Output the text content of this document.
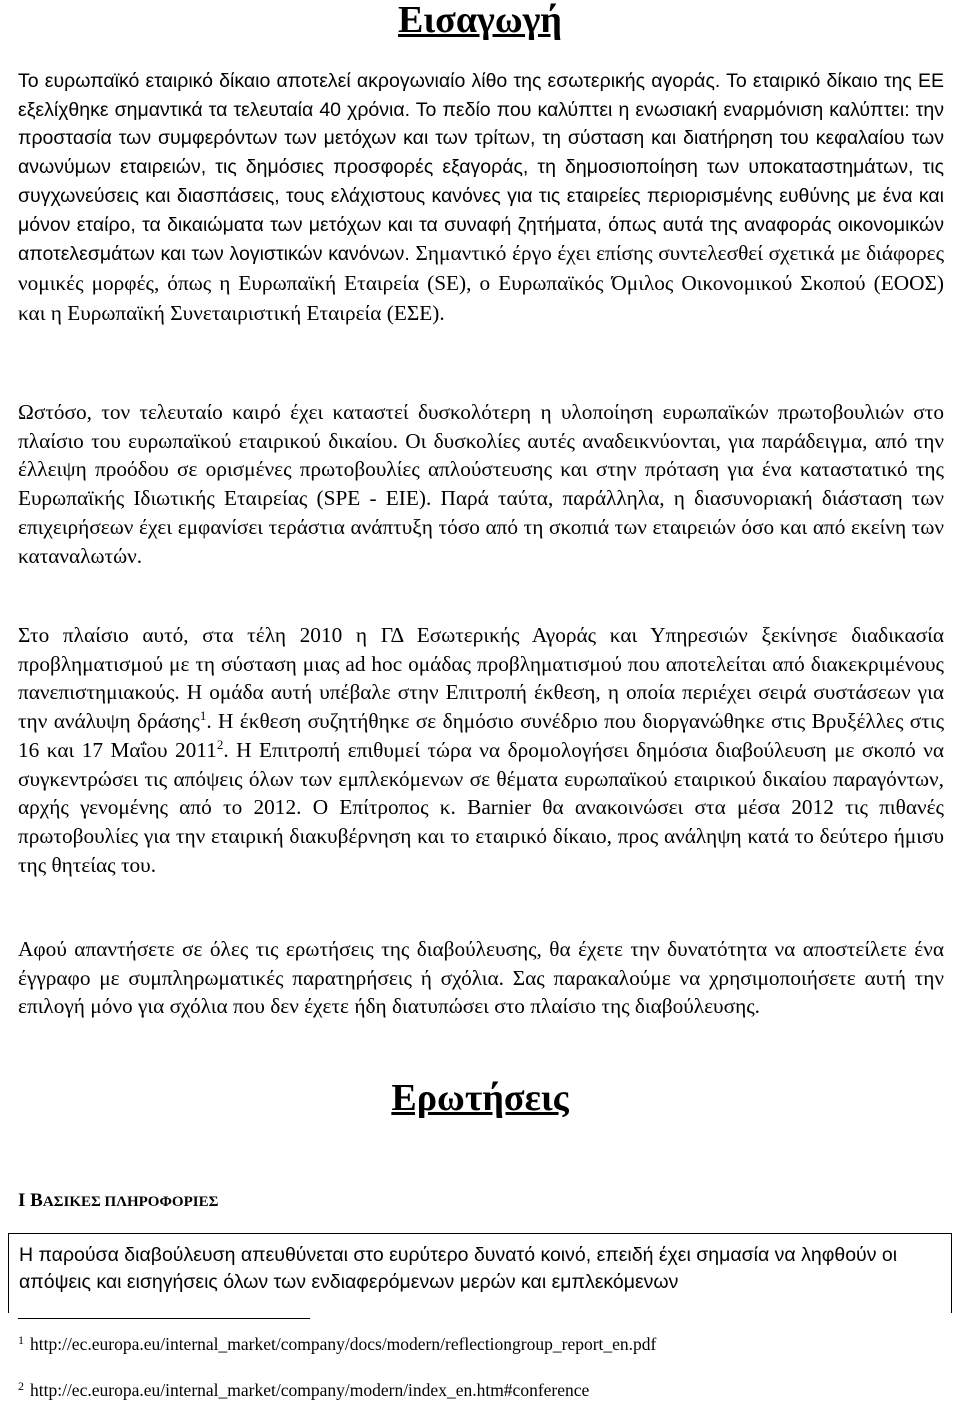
Εισαγωγή

Το ευρωπαϊκό εταιρικό δίκαιο αποτελεί ακρογωνιαίο λίθο της εσωτερικής αγοράς. Το εταιρικό δίκαιο της ΕΕ εξελίχθηκε σημαντικά τα τελευταία 40 χρόνια. Το πεδίο που καλύπτει η ενωσιακή εναρμόνιση καλύπτει: την προστασία των συμφερόντων των μετόχων και των τρίτων, τη σύσταση και διατήρηση του κεφαλαίου των ανωνύμων εταιρειών, τις δημόσιες προσφορές εξαγοράς, τη δημοσιοποίηση των υποκαταστημάτων, τις συγχωνεύσεις και διασπάσεις, τους ελάχιστους κανόνες για τις εταιρείες περιορισμένης ευθύνης με ένα και μόνον εταίρο, τα δικαιώματα των μετόχων και τα συναφή ζητήματα, όπως αυτά της αναφοράς οικονομικών αποτελεσμάτων και των λογιστικών κανόνων. Σημαντικό έργο έχει επίσης συντελεσθεί σχετικά με διάφορες νομικές μορφές, όπως η Ευρωπαϊκή Εταιρεία (SE), ο Ευρωπαϊκός Όμιλος Οικονομικού Σκοπού (ΕΟΟΣ) και η Ευρωπαϊκή Συνεταιριστική Εταιρεία (ΕΣΕ).

Ωστόσο, τον τελευταίο καιρό έχει καταστεί δυσκολότερη η υλοποίηση ευρωπαϊκών πρωτοβουλιών στο πλαίσιο του ευρωπαϊκού εταιρικού δικαίου. Οι δυσκολίες αυτές αναδεικνύονται, για παράδειγμα, από την έλλειψη προόδου σε ορισμένες πρωτοβουλίες απλούστευσης και στην πρόταση για ένα καταστατικό της Ευρωπαϊκής Ιδιωτικής Εταιρείας (SPE - ΕΙΕ). Παρά ταύτα, παράλληλα, η διασυνοριακή διάσταση των επιχειρήσεων έχει εμφανίσει τεράστια ανάπτυξη τόσο από τη σκοπιά των εταιρειών όσο και από εκείνη των καταναλωτών.

Στο πλαίσιο αυτό, στα τέλη 2010 η ΓΔ Εσωτερικής Αγοράς και Υπηρεσιών ξεκίνησε διαδικασία προβληματισμού με τη σύσταση μιας ad hoc ομάδας προβληματισμού που αποτελείται από διακεκριμένους πανεπιστημιακούς. Η ομάδα αυτή υπέβαλε στην Επιτροπή έκθεση, η οποία περιέχει σειρά συστάσεων για την ανάλυψη δράσης$^1$. Η έκθεση συζητήθηκε σε δημόσιο συνέδριο που διοργανώθηκε στις Βρυξέλλες στις 16 και 17 Μαΐου 2011$^2$. Η Επιτροπή επιθυμεί τώρα να δρομολογήσει δημόσια διαβούλευση με σκοπό να συγκεντρώσει τις απόψεις όλων των εμπλεκόμενων σε θέματα ευρωπαϊκού εταιρικού δικαίου παραγόντων, αρχής γενομένης από το 2012. Ο Επίτροπος κ. Barnier θα ανακοινώσει στα μέσα 2012 τις πιθανές πρωτοβουλίες για την εταιρική διακυβέρνηση και το εταιρικό δίκαιο, προς ανάληψη κατά το δεύτερο ήμισυ της θητείας του.

Αφού απαντήσετε σε όλες τις ερωτήσεις της διαβούλευσης, θα έχετε την δυνατότητα να αποστείλετε ένα έγγραφο με συμπληρωματικές παρατηρήσεις ή σχόλια. Σας παρακαλούμε να χρησιμοποιήσετε αυτή την επιλογή μόνο για σχόλια που δεν έχετε ήδη διατυπώσει στο πλαίσιο της διαβούλευσης.

Ερωτήσεις

I ΒΑΣΙΚΕΣ ΠΛΗΡΟΦΟΡΙΕΣ

Η παρούσα διαβούλευση απευθύνεται στο ευρύτερο δυνατό κοινό, επειδή έχει σημασία να ληφθούν οι απόψεις και εισηγήσεις όλων των ενδιαφερόμενων μερών και εμπλεκόμενων

$^1$ http://ec.europa.eu/internal_market/company/docs/modern/reflectiongroup_report_en.pdf

$^2$ http://ec.europa.eu/internal_market/company/modern/index_en.htm#conference
